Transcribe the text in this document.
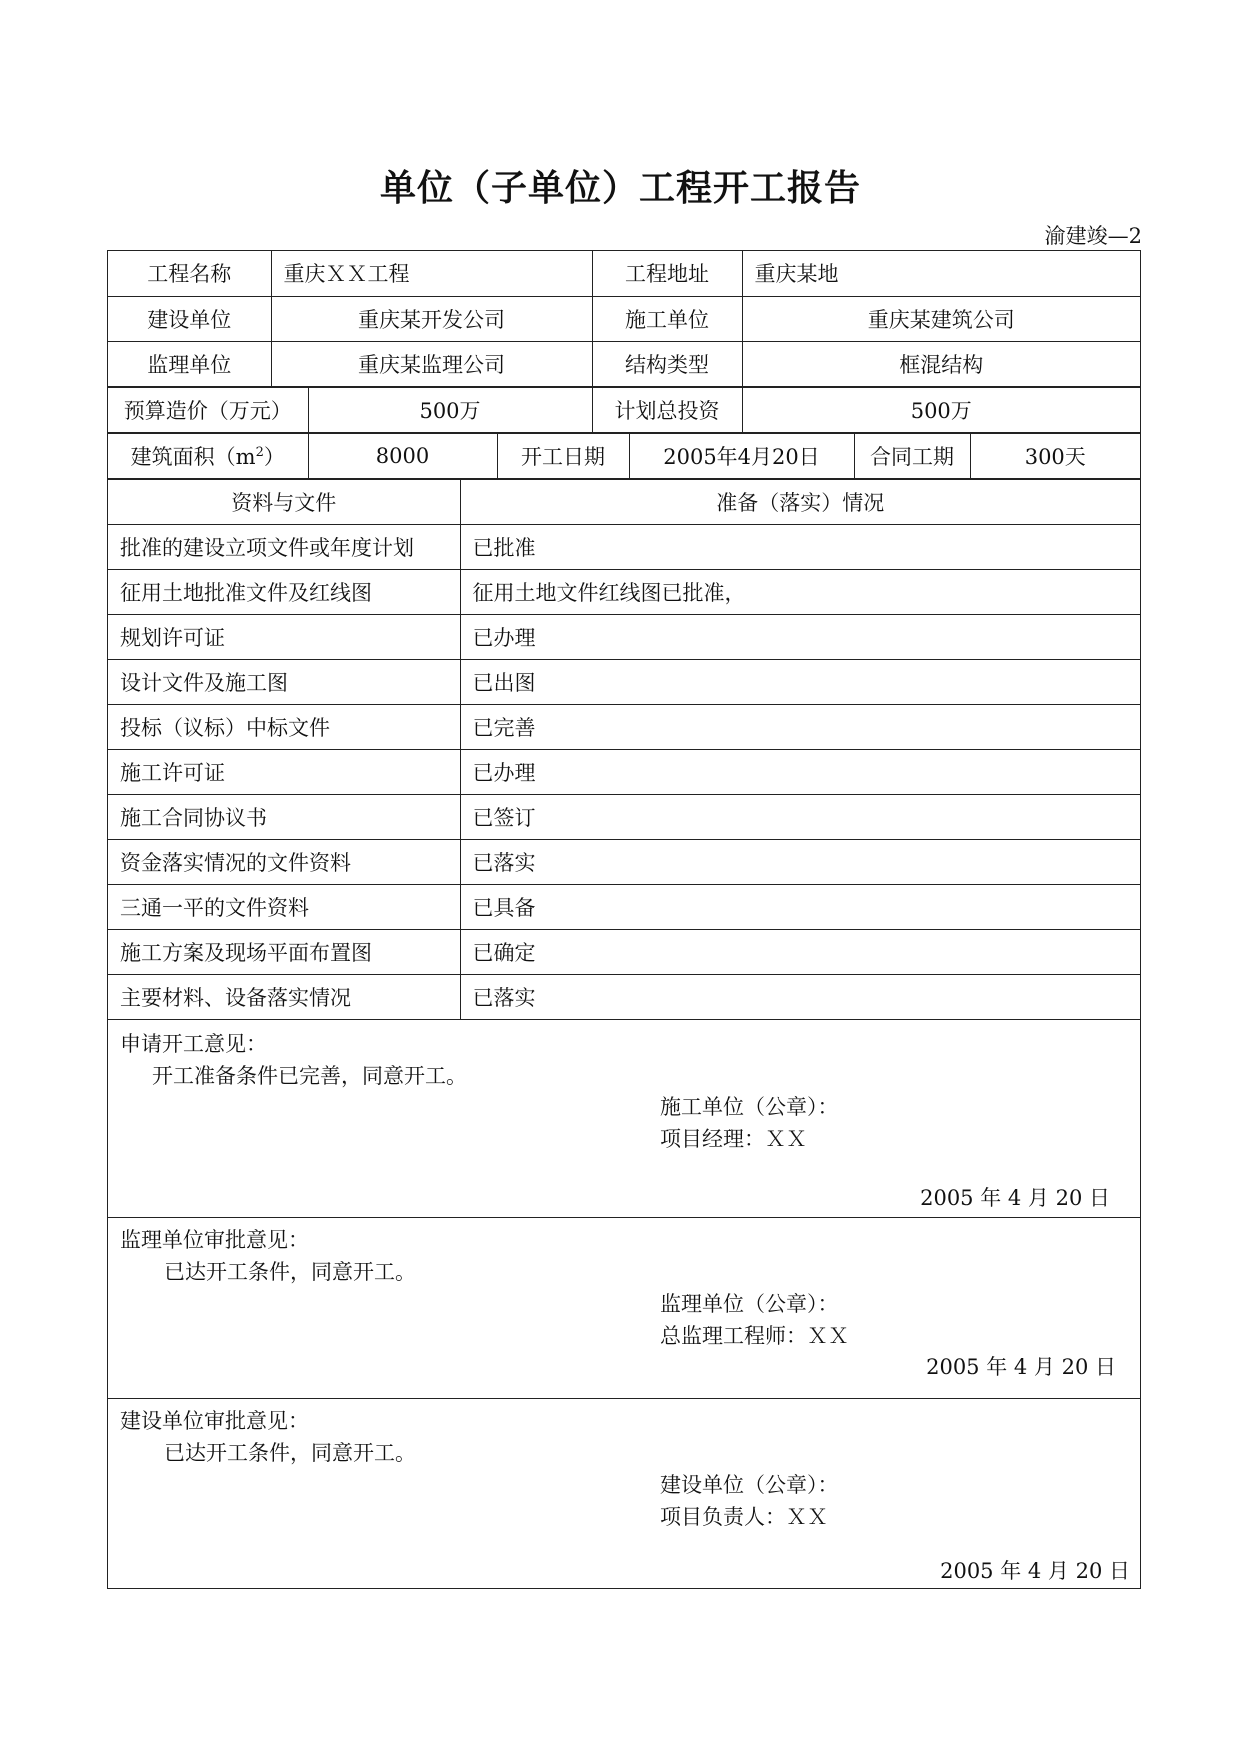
单位（子单位）工程开工报告
渝建竣—2
工程名称	重庆ＸＸ工程	工程地址	重庆某地
建设单位	重庆某开发公司	施工单位	重庆某建筑公司
监理单位	重庆某监理公司	结构类型	框混结构
预算造价（万元）	500万	计划总投资	500万
建筑面积$(m^2)$	8000	开工日期	2005年4月20日	合同工期	300天
资料与文件	准备（落实）情况
批准的建设立项文件或年度计划	已批准
征用土地批准文件及红线图	征用土地文件红线图已批准，
规划许可证	已办理
设计文件及施工图	已出图
投标（议标）中标文件	已完善
施工许可证	已办理
施工合同协议书	已签订
资金落实情况的文件资料	已落实
三通一平的文件资料	已具备
施工方案及现场平面布置图	已确定
主要材料、设备落实情况	已落实
申请开工意见：
开工准备条件已完善，同意开工。
施工单位（公章）：
项目经理：ＸＸ
2005 年 4 月 20 日
监理单位审批意见：
已达开工条件，同意开工。
监理单位（公章）：
总监理工程师：ＸＸ
2005 年 4 月 20 日
建设单位审批意见：
已达开工条件，同意开工。
建设单位（公章）：
项目负责人：ＸＸ
2005 年 4 月 20 日
